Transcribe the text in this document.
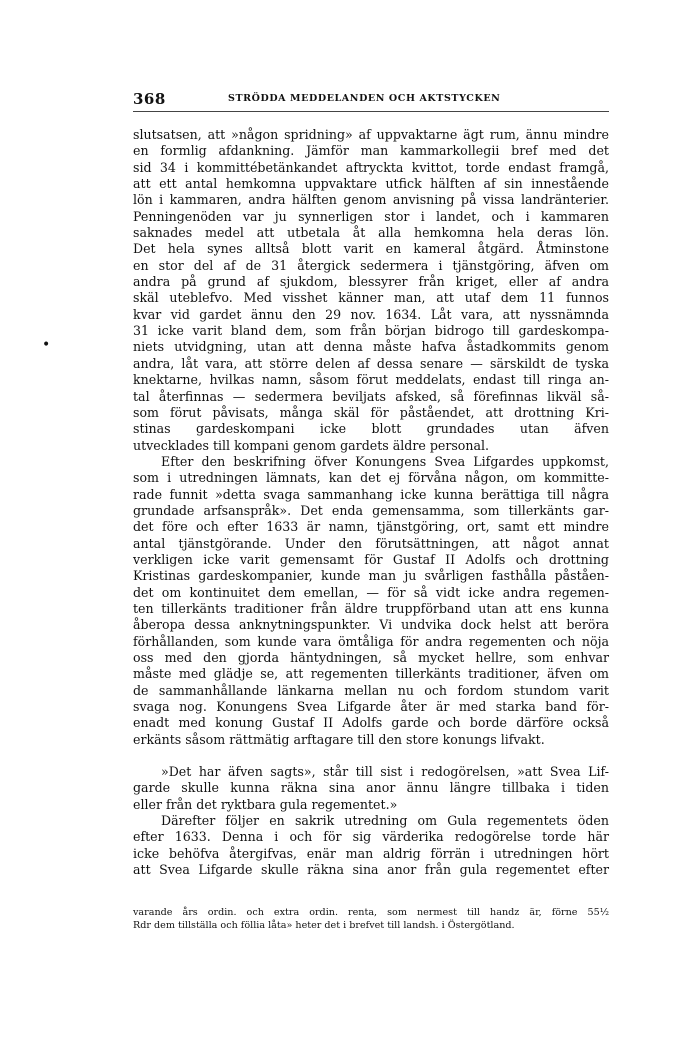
368	STRÖDDA MEDDELANDEN OCH AKTSTYCKEN
•

slutsatsen, att »någon spridning» af uppvaktarne ägt rum, ännu mindre
en formlig afdankning. Jämför man kammarkollegii bref med det
sid 34 i kommittébetänkandet aftryckta kvittot, torde endast framgå,
att ett antal hemkomna uppvaktare utfick hälften af sin innestående
lön i kammaren, andra hälften genom anvisning på vissa landränterier.
Penningenöden var ju synnerligen stor i landet, och i kammaren
saknades medel att utbetala åt alla hemkomna hela deras lön.
Det hela synes alltså blott varit en kameral åtgärd. Åtminstone
en stor del af de 31 återgick sedermera i tjänstgöring, äfven om
andra på grund af sjukdom, blessyrer från kriget, eller af andra
skäl uteblefvo. Med visshet känner man, att utaf dem 11 funnos
kvar vid gardet ännu den 29 nov. 1634. Låt vara, att nyssnämnda
31 icke varit bland dem, som från början bidrogo till gardeskompa-
niets utvidgning, utan att denna måste hafva åstadkommits genom
andra, låt vara, att större delen af dessa senare — särskildt de tyska
knektarne, hvilkas namn, såsom förut meddelats, endast till ringa an-
tal återfinnas — sedermera beviljats afsked, så förefinnas likväl så-
som förut påvisats, många skäl för påståendet, att drottning Kri-
stinas gardeskompani icke blott grundades utan äfven
utvecklades till kompani genom gardets äldre personal.

Efter den beskrifning öfver Konungens Svea Lifgardes uppkomst,
som i utredningen lämnats, kan det ej förvåna någon, om kommitte-
rade funnit »detta svaga sammanhang icke kunna berättiga till några
grundade arfsanspråk». Det enda gemensamma, som tillerkänts gar-
det före och efter 1633 är namn, tjänstgöring, ort, samt ett mindre
antal tjänstgörande. Under den förutsättningen, att något annat
verkligen icke varit gemensamt för Gustaf II Adolfs och drottning
Kristinas gardeskompanier, kunde man ju svårligen fasthålla påståen-
det om kontinuitet dem emellan, — för så vidt icke andra regemen-
ten tillerkänts traditioner från äldre truppförband utan att ens kunna
åberopa dessa anknytningspunkter. Vi undvika dock helst att beröra
förhållanden, som kunde vara ömtåliga för andra regementen och nöja
oss med den gjorda häntydningen, så mycket hellre, som enhvar
måste med glädje se, att regementen tillerkänts traditioner, äfven om
de sammanhållande länkarna mellan nu och fordom stundom varit
svaga nog. Konungens Svea Lifgarde åter är med starka band för-
enadt med konung Gustaf II Adolfs garde och borde därföre också
erkänts såsom rättmätig arftagare till den store konungs lifvakt.

»Det har äfven sagts», står till sist i redogörelsen, »att Svea Lif-
garde skulle kunna räkna sina anor ännu längre tillbaka i tiden
eller från det ryktbara gula regementet.»

Därefter följer en sakrik utredning om Gula regementets öden
efter 1633. Denna i och för sig värderika redogörelse torde här
icke behöfva återgifvas, enär man aldrig förrän i utredningen hört
att Svea Lifgarde skulle räkna sina anor från gula regementet efter

varande års ordin. och extra ordin. renta, som nermest till handz är, förne 55½
Rdr dem tillställa och föllia låta» heter det i brefvet till landsh. i Östergötland.
